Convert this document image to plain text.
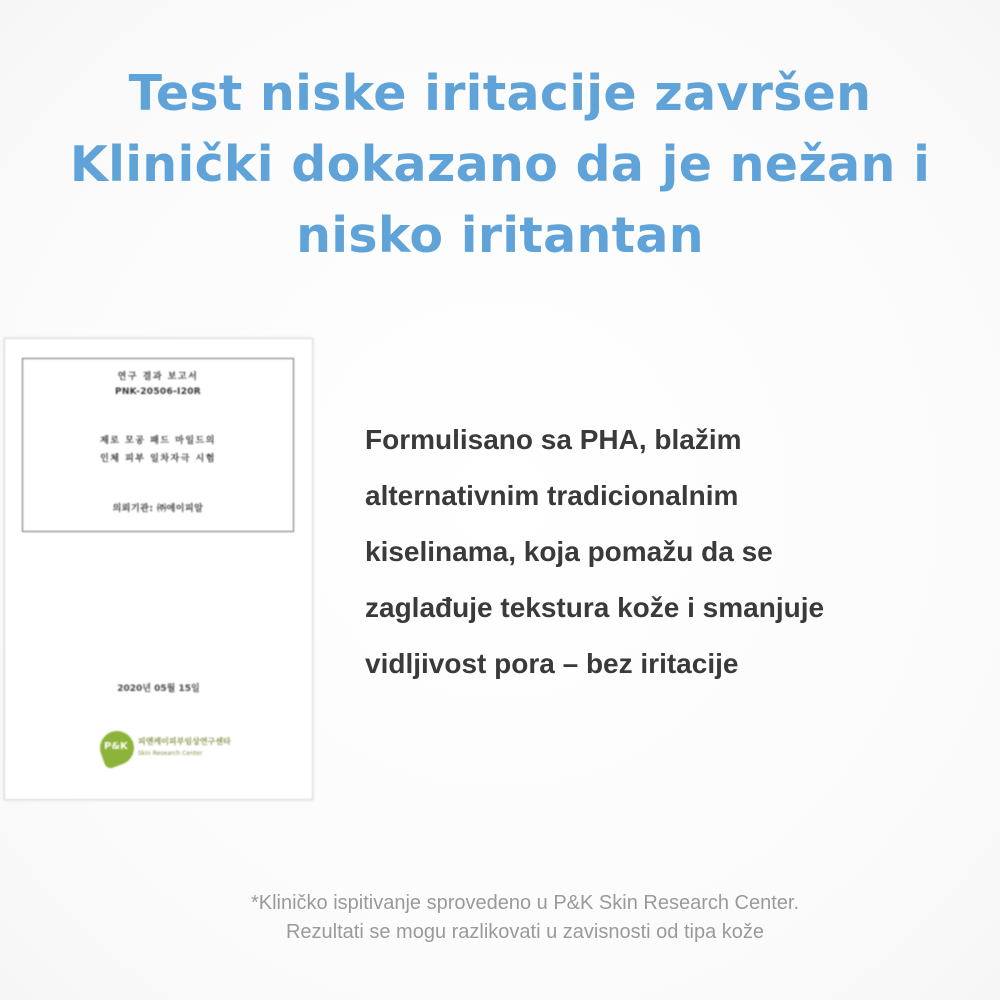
Test niske iritacije završen
Klinički dokazano da je nežan i
nisko iritantan
연구 결과 보고서
PNK-20506-I20R
제로 모공 패드 마일드의
인체 피부 일차자극 시험
의뢰기관: ㈜에이피알
2020년 05월 15일
P&K 피앤케이피부임상연구센타
Skin Research Center
Formulisano sa PHA, blažim
alternativnim tradicionalnim
kiselinama, koja pomažu da se
zaglađuje tekstura kože i smanjuje
vidljivost pora – bez iritacije
*Kliničko ispitivanje sprovedeno u P&K Skin Research Center.
Rezultati se mogu razlikovati u zavisnosti od tipa kože
